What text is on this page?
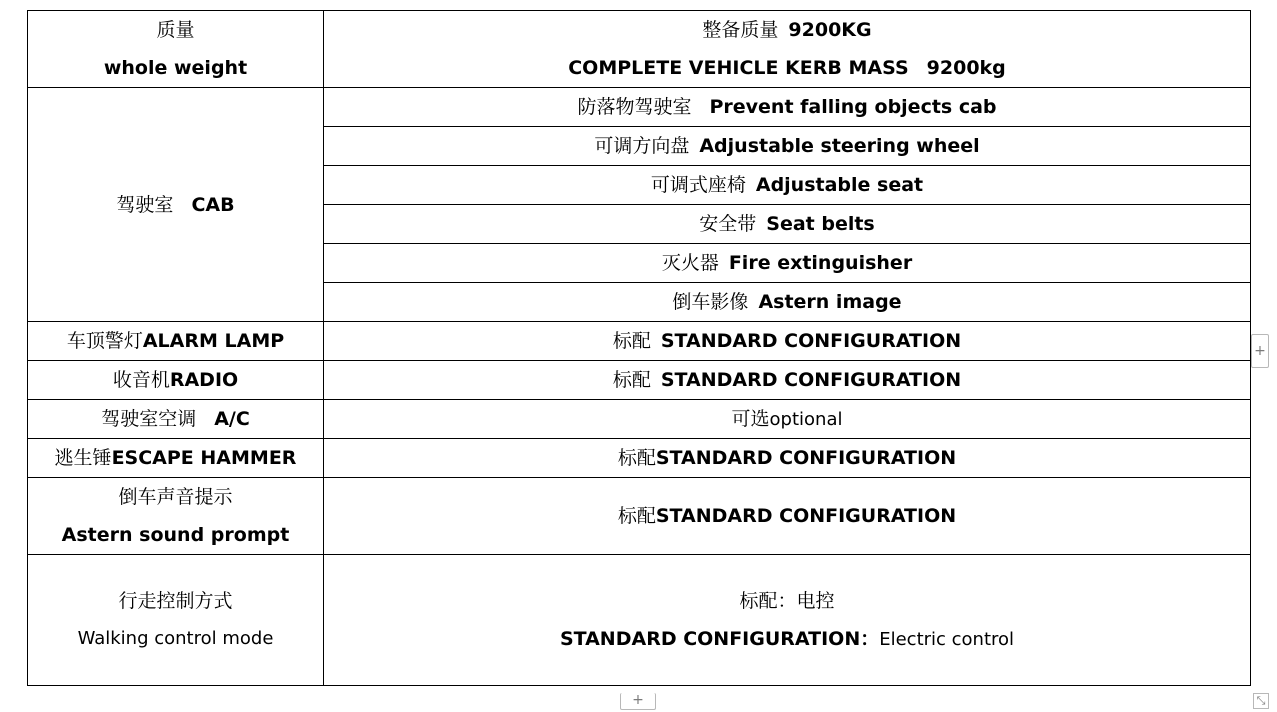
质量
whole weight	整备质量 9200KG
COMPLETE VEHICLE KERB MASS 9200kg

驾驶室 CAB	防落物驾驶室 Prevent falling objects cab
	可调方向盘 Adjustable steering wheel
	可调式座椅 Adjustable seat
	安全带 Seat belts
	灭火器 Fire extinguisher
	倒车影像 Astern image
车顶警灯ALARM LAMP	标配 STANDARD CONFIGURATION
收音机RADIO	标配 STANDARD CONFIGURATION
驾驶室空调 A/C	可选optional
逃生锤ESCAPE HAMMER	标配STANDARD CONFIGURATION

倒车声音提示
Astern sound prompt	标配STANDARD CONFIGURATION

行走控制方式
Walking control mode	标配：电控
STANDARD CONFIGURATION：Electric control
+
+	⤡
